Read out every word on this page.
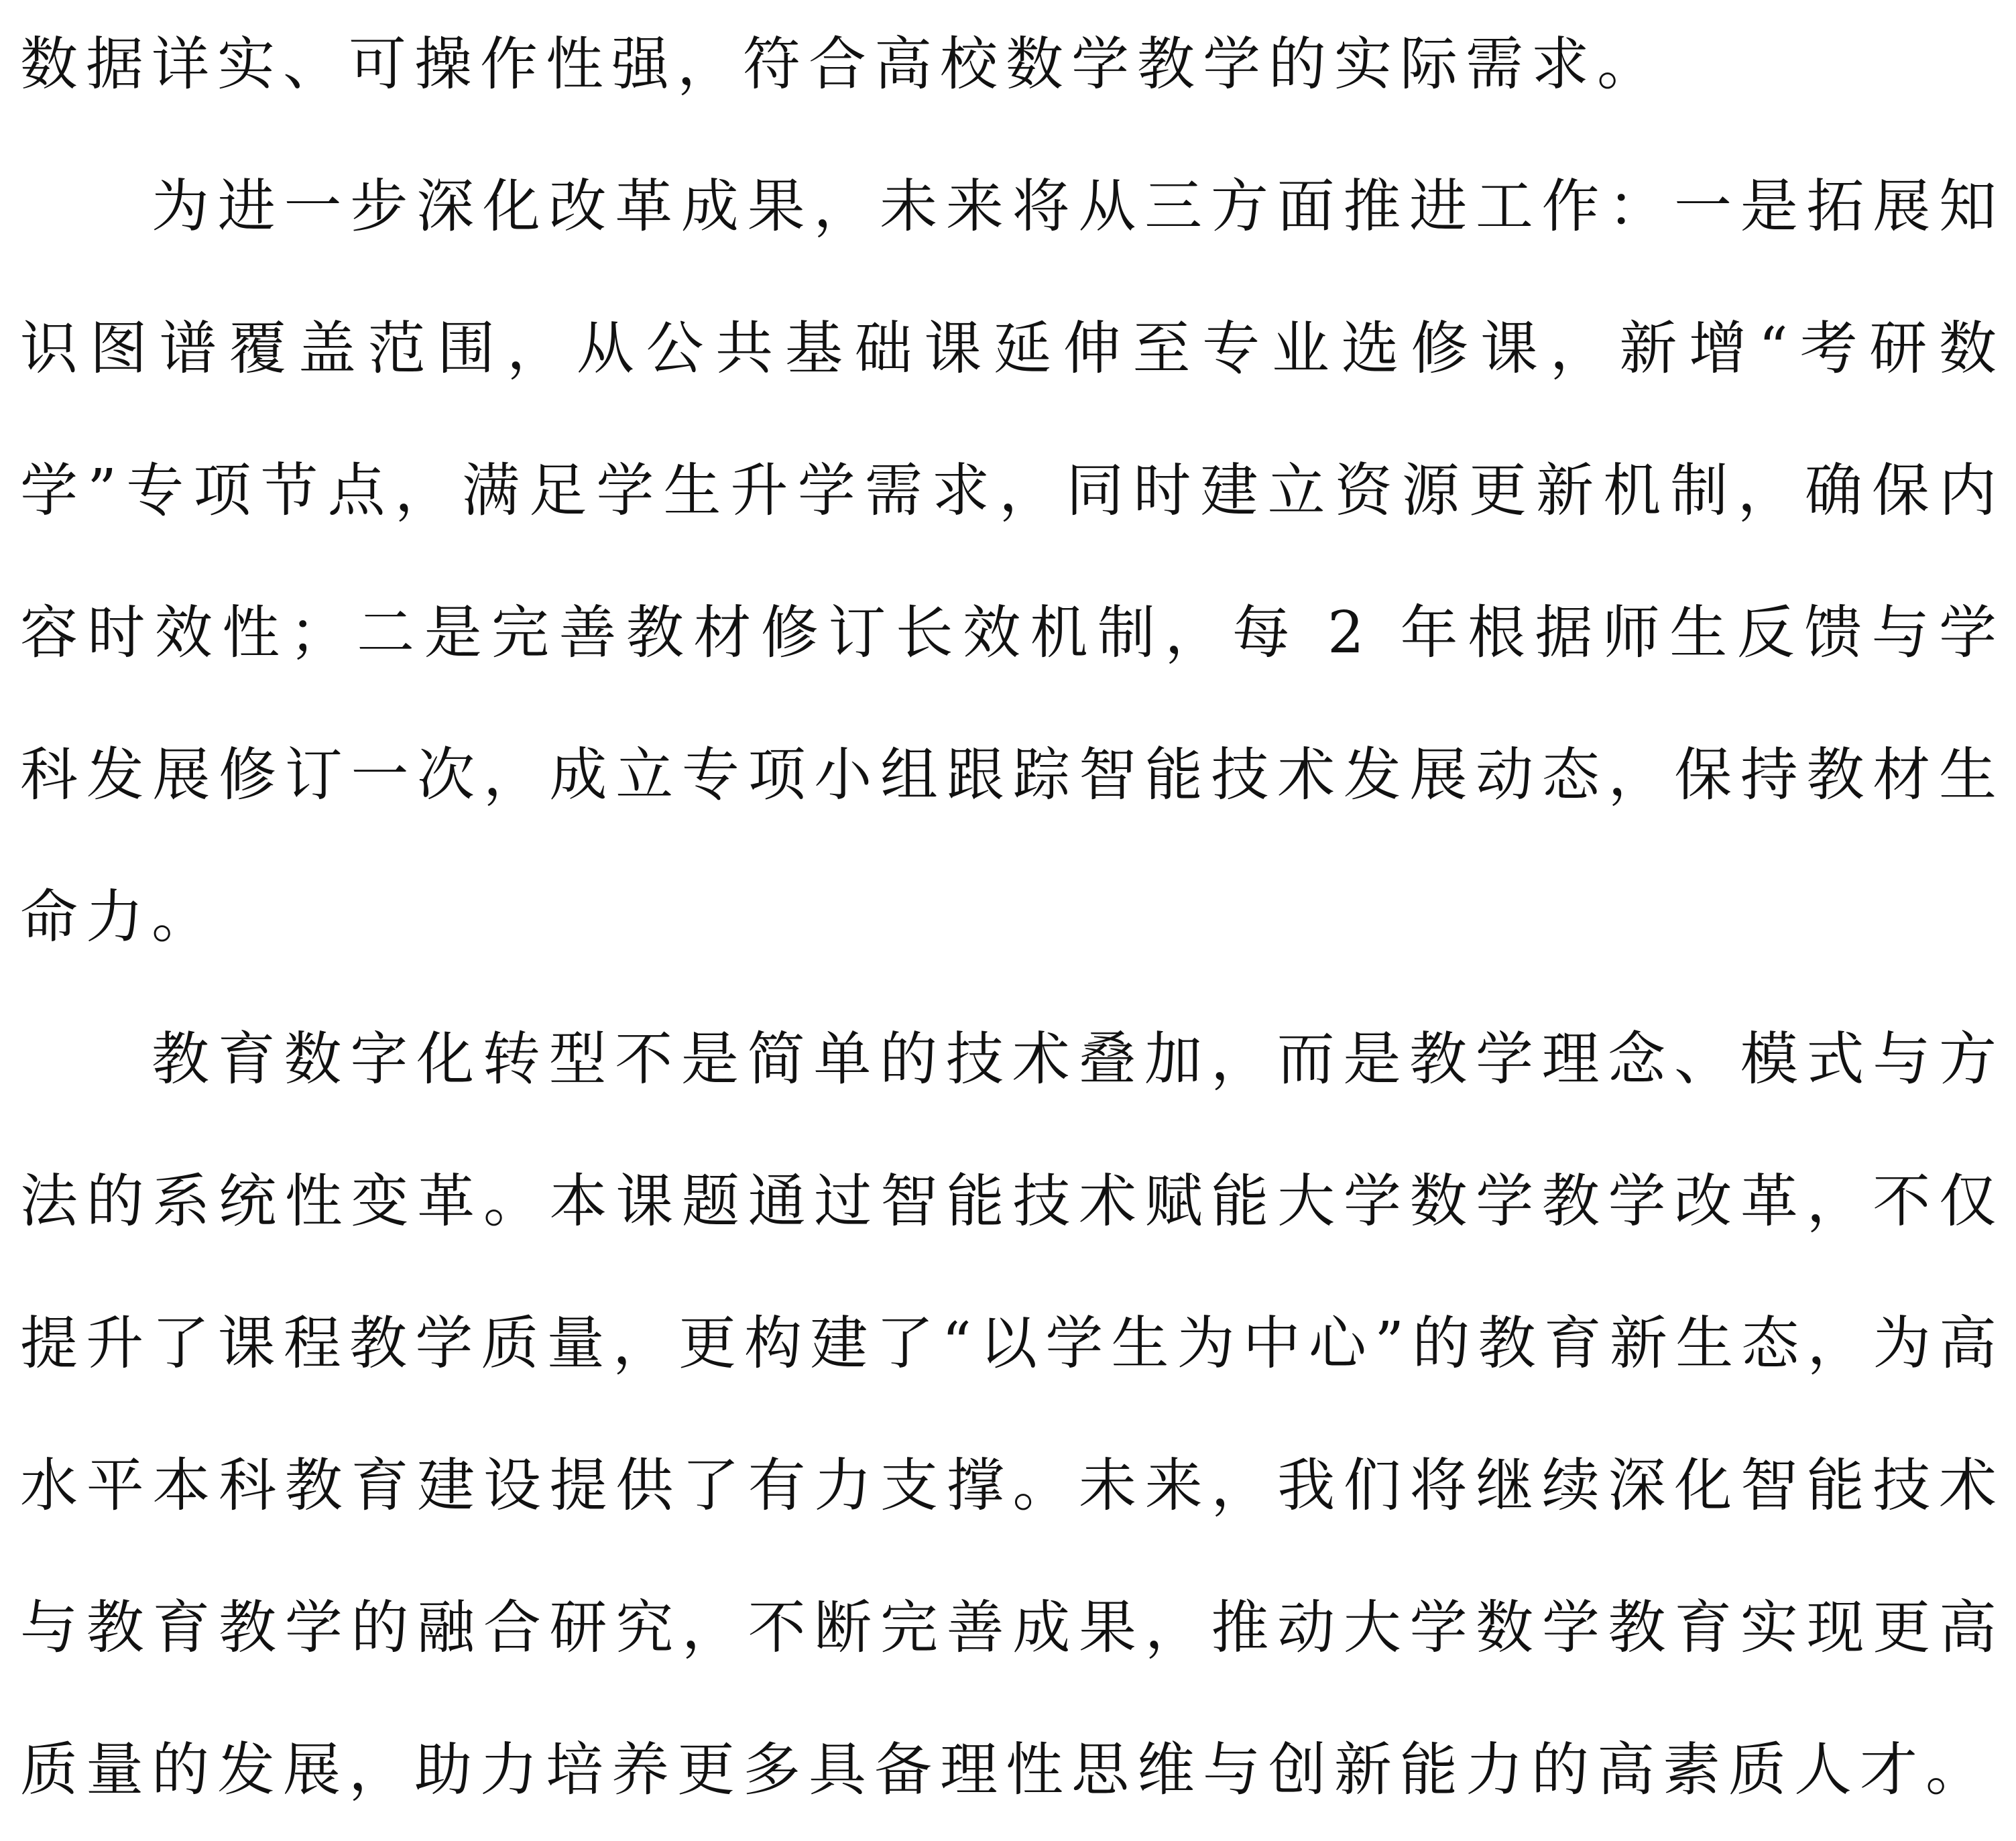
数据详实、可操作性强，符合高校数学教学的实际需求。

为进一步深化改革成果，未来将从三方面推进工作：一是拓展知识图谱覆盖范围，从公共基础课延伸至专业选修课，新增“考研数学”专项节点，满足学生升学需求，同时建立资源更新机制，确保内容时效性；二是完善教材修订长效机制，每 2 年根据师生反馈与学科发展修订一次，成立专项小组跟踪智能技术发展动态，保持教材生命力。

教育数字化转型不是简单的技术叠加，而是教学理念、模式与方法的系统性变革。本课题通过智能技术赋能大学数学教学改革，不仅提升了课程教学质量，更构建了“以学生为中心”的教育新生态，为高水平本科教育建设提供了有力支撑。未来，我们将继续深化智能技术与教育教学的融合研究，不断完善成果，推动大学数学教育实现更高质量的发展，助力培养更多具备理性思维与创新能力的高素质人才。
